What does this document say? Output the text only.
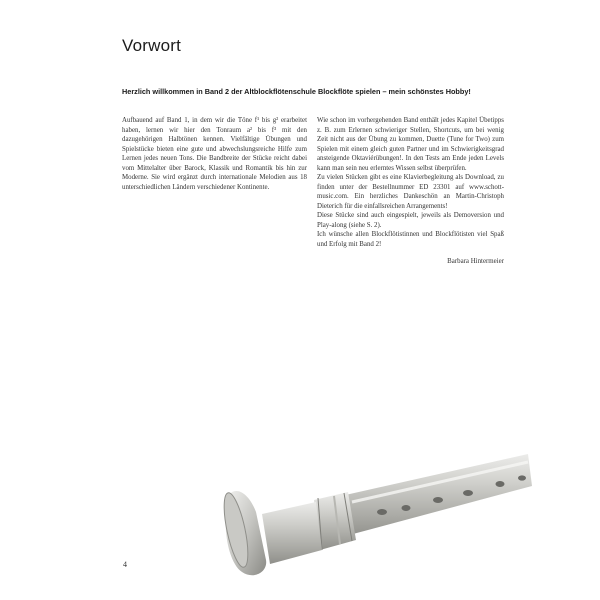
Vorwort
Herzlich willkommen in Band 2 der Altblockflötenschule Blockflöte spielen – mein schönstes Hobby!

Aufbauend auf Band 1, in dem wir die Töne f¹ bis g² erarbeitet haben, lernen wir hier den Tonraum a² bis f³ mit den dazugehörigen Halbtönen kennen. Vielfältige Übungen und Spielstücke bieten eine gute und abwechslungsreiche Hilfe zum Lernen jedes neuen Tons. Die Bandbreite der Stücke reicht dabei vom Mittelalter über Barock, Klassik und Romantik bis hin zur Moderne. Sie wird ergänzt durch internationale Melodien aus 18 unterschiedlichen Ländern verschiedener Kontinente.

Wie schon im vorhergehenden Band enthält jedes Kapitel Übetipps z. B. zum Erlernen schwieriger Stellen, Shortcuts, um bei wenig Zeit nicht aus der Übung zu kommen, Duette (Tune for Two) zum Spielen mit einem gleich guten Partner und im Schwierigkeitsgrad ansteigende Oktaviérübungen!. In den Tests am Ende jeden Levels kann man sein neu erlerntes Wissen selbst überprüfen.

Zu vielen Stücken gibt es eine Klavierbegleitung als Download, zu finden unter der Bestellnummer ED 23301 auf www.schott-music.com. Ein herzliches Dankeschön an Martin-Christoph Dieterich für die einfallsreichen Arrangements!

Diese Stücke sind auch eingespielt, jeweils als Demoversion und Play-along (siehe S. 2).

Ich wünsche allen Blockflötistinnen und Blockflötisten viel Spaß und Erfolg mit Band 2!

Barbara Hintermeier
4
